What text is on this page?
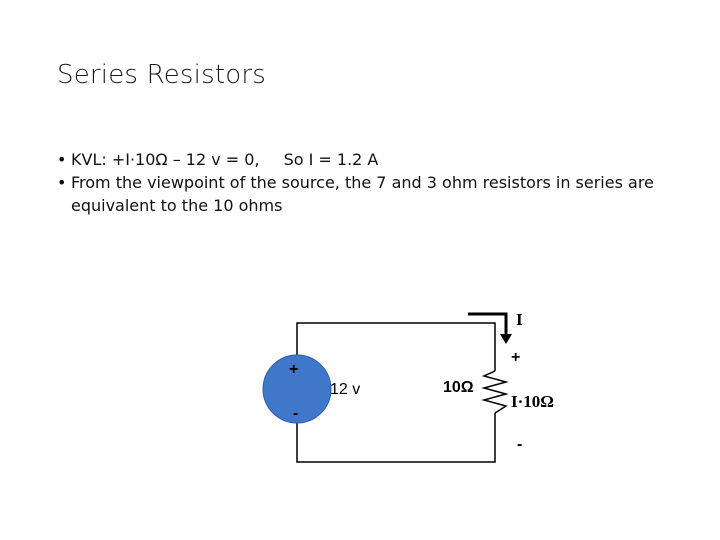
Series Resistors
• KVL: +I·10Ω – 12 v = 0, So I = 1.2 A
• From the viewpoint of the source, the 7 and 3 ohm resistors in series are equivalent to the 10 ohms
+
-
12 v
I
10Ω
+
I·10Ω
-
